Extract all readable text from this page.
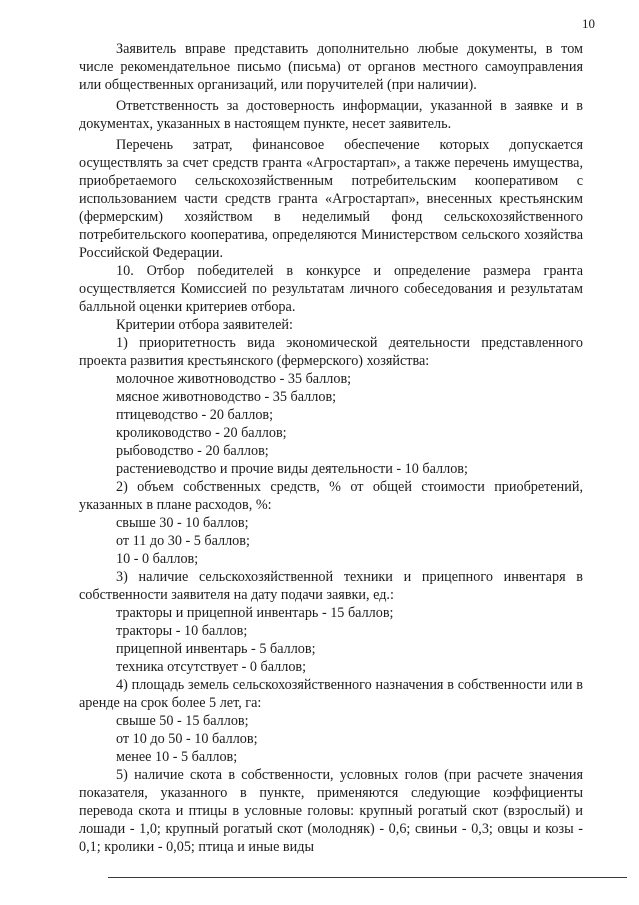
10

Заявитель вправе представить дополнительно любые документы, в том числе рекомендательное письмо (письма) от органов местного самоуправления или общественных организаций, или поручителей (при наличии).

Ответственность за достоверность информации, указанной в заявке и в документах, указанных в настоящем пункте, несет заявитель.

Перечень затрат, финансовое обеспечение которых допускается осуществлять за счет средств гранта «Агростартап», а также перечень имущества, приобретаемого сельскохозяйственным потребительским кооперативом с использованием части средств гранта «Агростартап», внесенных крестьянским (фермерским) хозяйством в неделимый фонд сельскохозяйственного потребительского кооператива, определяются Министерством сельского хозяйства Российской Федерации.

10. Отбор победителей в конкурсе и определение размера гранта осуществляется Комиссией по результатам личного собеседования и результатам балльной оценки критериев отбора.

Критерии отбора заявителей:

1) приоритетность вида экономической деятельности представленного проекта развития крестьянского (фермерского) хозяйства:

молочное животноводство - 35 баллов;

мясное животноводство - 35 баллов;

птицеводство - 20 баллов;

кролиководство - 20 баллов;

рыбоводство - 20 баллов;

растениеводство и прочие виды деятельности - 10 баллов;

2) объем собственных средств, % от общей стоимости приобретений, указанных в плане расходов, %:

свыше 30 - 10 баллов;

от 11 до 30 - 5 баллов;

10 - 0 баллов;

3) наличие сельскохозяйственной техники и прицепного инвентаря в собственности заявителя на дату подачи заявки, ед.:

тракторы и прицепной инвентарь - 15 баллов;

тракторы - 10 баллов;

прицепной инвентарь - 5 баллов;

техника отсутствует - 0 баллов;

4) площадь земель сельскохозяйственного назначения в собственности или в аренде на срок более 5 лет, га:

свыше 50 - 15 баллов;

от 10 до 50 - 10 баллов;

менее 10 - 5 баллов;

5) наличие скота в собственности, условных голов (при расчете значения показателя, указанного в пункте, применяются следующие коэффициенты перевода скота и птицы в условные головы: крупный рогатый скот (взрослый) и лошади - 1,0; крупный рогатый скот (молодняк) - 0,6; свиньи - 0,3; овцы и козы - 0,1; кролики - 0,05; птица и иные виды
